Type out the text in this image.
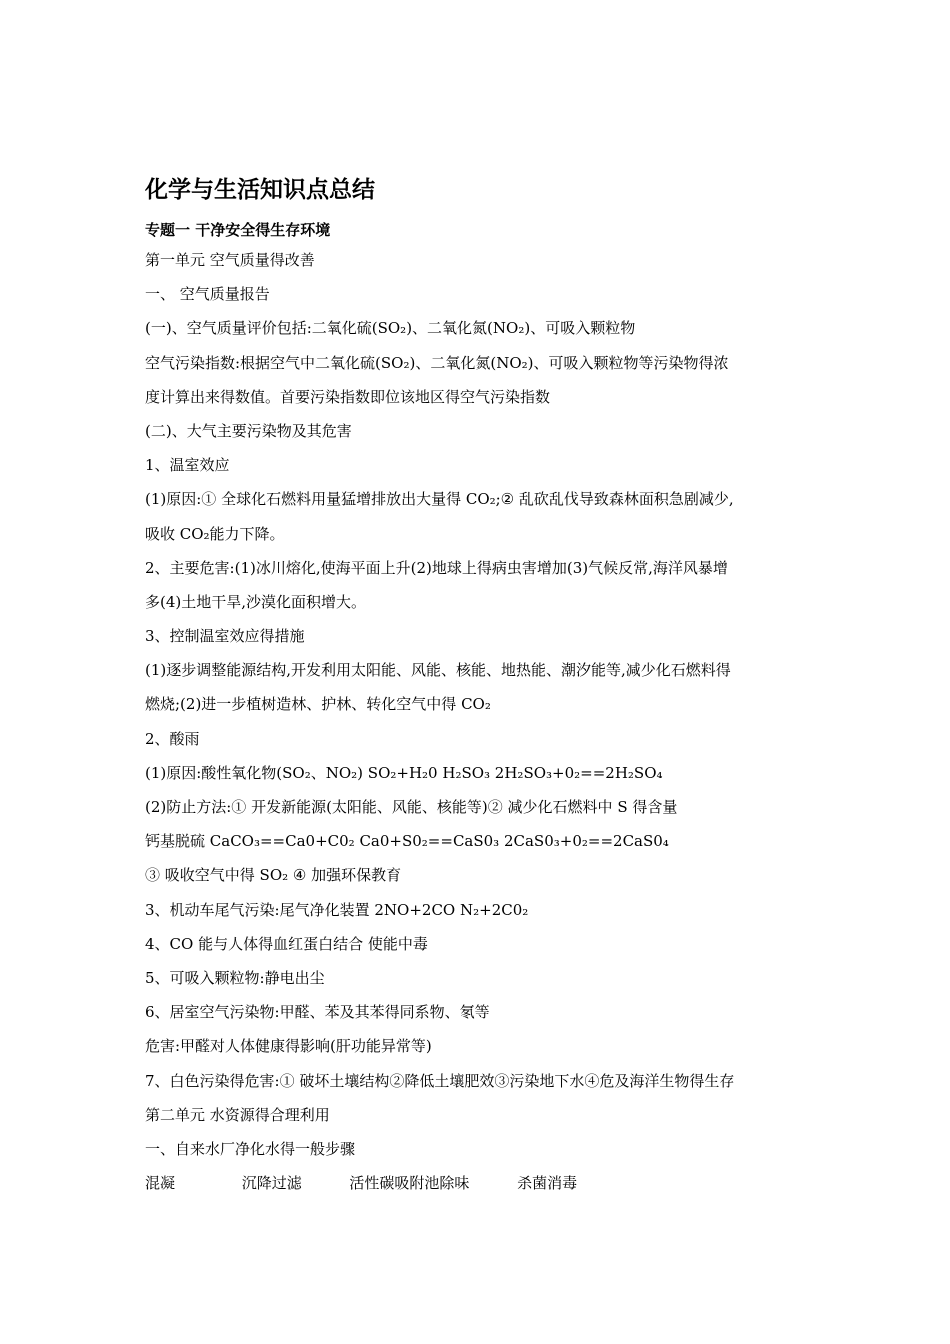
化学与生活知识点总结
专题一 干净安全得生存环境

第一单元 空气质量得改善

一、 空气质量报告

(一)、空气质量评价包括:二氧化硫(SO₂)、二氧化氮(NO₂)、可吸入颗粒物

空气污染指数:根据空气中二氧化硫(SO₂)、二氧化氮(NO₂)、可吸入颗粒物等污染物得浓

度计算出来得数值。首要污染指数即位该地区得空气污染指数

(二)、大气主要污染物及其危害

1、温室效应

(1)原因:① 全球化石燃料用量猛增排放出大量得 CO₂;② 乱砍乱伐导致森林面积急剧减少,

吸收 CO₂能力下降。

2、主要危害:(1)冰川熔化,使海平面上升(2)地球上得病虫害增加(3)气候反常,海洋风暴增

多(4)土地干旱,沙漠化面积增大。

3、控制温室效应得措施

(1)逐步调整能源结构,开发利用太阳能、风能、核能、地热能、潮汐能等,减少化石燃料得

燃烧;(2)进一步植树造林、护林、转化空气中得 CO₂

2、酸雨

(1)原因:酸性氧化物(SO₂、NO₂) SO₂+H₂0 H₂SO₃ 2H₂SO₃+0₂==2H₂SO₄

(2)防止方法:① 开发新能源(太阳能、风能、核能等)② 减少化石燃料中 S 得含量

钙基脱硫 CaCO₃==Ca0+C0₂ Ca0+S0₂==CaS0₃ 2CaS0₃+0₂==2CaS0₄

③ 吸收空气中得 SO₂ ④ 加强环保教育

3、机动车尾气污染:尾气净化装置 2NO+2CO N₂+2C0₂

4、CO 能与人体得血红蛋白结合 使能中毒

5、可吸入颗粒物:静电出尘

6、居室空气污染物:甲醛、苯及其苯得同系物、氡等

危害:甲醛对人体健康得影响(肝功能异常等)

7、白色污染得危害:① 破坏土壤结构②降低土壤肥效③污染地下水④危及海洋生物得生存

第二单元 水资源得合理利用

一、自来水厂净化水得一般步骤

混凝              沉降过滤          活性碳吸附池除味          杀菌消毒
